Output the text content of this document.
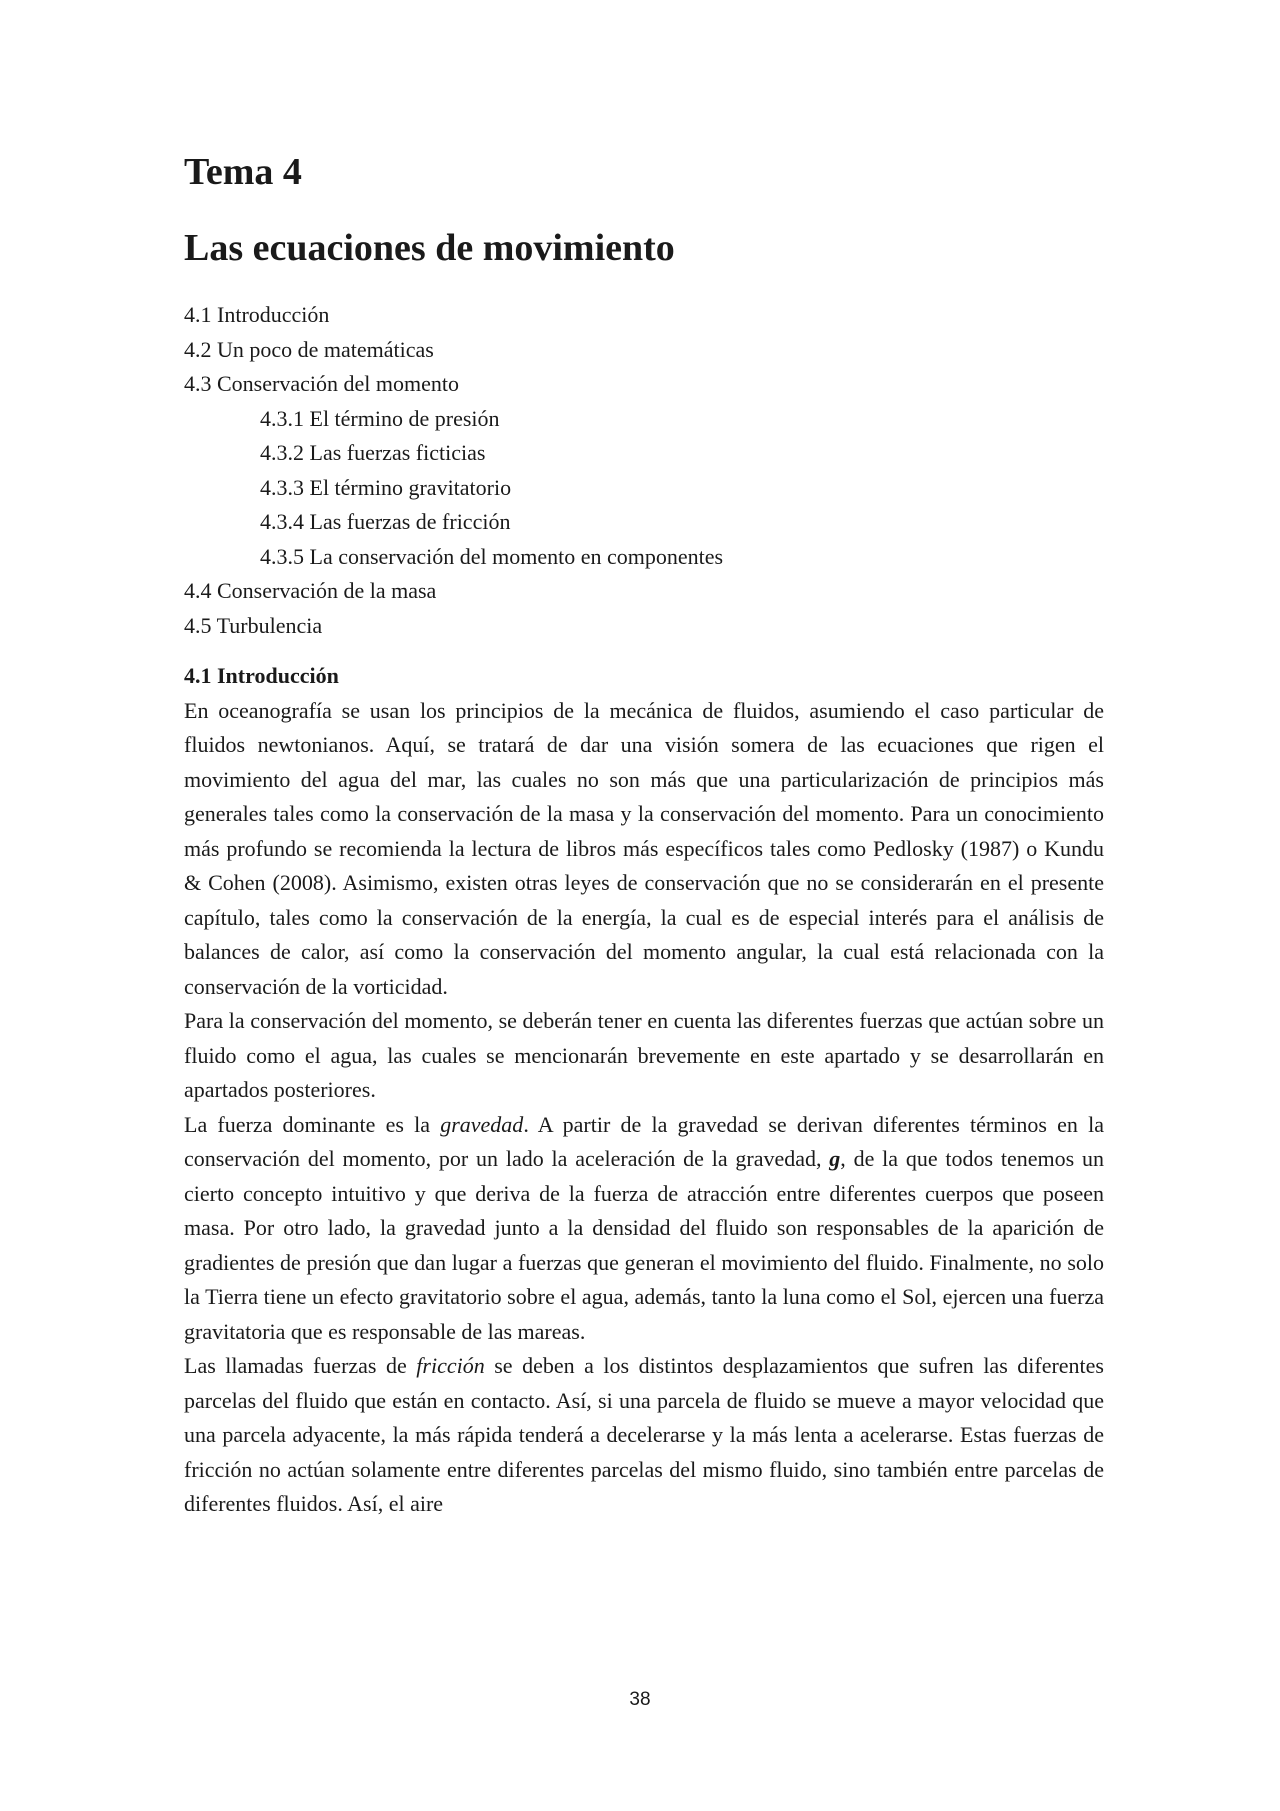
Tema 4
Las ecuaciones de movimiento
4.1 Introducción
4.2 Un poco de matemáticas
4.3 Conservación del momento
4.3.1 El término de presión
4.3.2 Las fuerzas ficticias
4.3.3 El término gravitatorio
4.3.4 Las fuerzas de fricción
4.3.5 La conservación del momento en componentes
4.4 Conservación de la masa
4.5 Turbulencia
4.1 Introducción

En oceanografía se usan los principios de la mecánica de fluidos, asumiendo el caso particular de fluidos newtonianos. Aquí, se tratará de dar una visión somera de las ecuaciones que rigen el movimiento del agua del mar, las cuales no son más que una particularización de principios más generales tales como la conservación de la masa y la conservación del momento. Para un conocimiento más profundo se recomienda la lectura de libros más específicos tales como Pedlosky (1987) o Kundu & Cohen (2008). Asimismo, existen otras leyes de conservación que no se considerarán en el presente capítulo, tales como la conservación de la energía, la cual es de especial interés para el análisis de balances de calor, así como la conservación del momento angular, la cual está relacionada con la conservación de la vorticidad.

Para la conservación del momento, se deberán tener en cuenta las diferentes fuerzas que actúan sobre un fluido como el agua, las cuales se mencionarán brevemente en este apartado y se desarrollarán en apartados posteriores.

La fuerza dominante es la gravedad. A partir de la gravedad se derivan diferentes términos en la conservación del momento, por un lado la aceleración de la gravedad, g, de la que todos tenemos un cierto concepto intuitivo y que deriva de la fuerza de atracción entre diferentes cuerpos que poseen masa. Por otro lado, la gravedad junto a la densidad del fluido son responsables de la aparición de gradientes de presión que dan lugar a fuerzas que generan el movimiento del fluido. Finalmente, no solo la Tierra tiene un efecto gravitatorio sobre el agua, además, tanto la luna como el Sol, ejercen una fuerza gravitatoria que es responsable de las mareas.

Las llamadas fuerzas de fricción se deben a los distintos desplazamientos que sufren las diferentes parcelas del fluido que están en contacto. Así, si una parcela de fluido se mueve a mayor velocidad que una parcela adyacente, la más rápida tenderá a decelerarse y la más lenta a acelerarse. Estas fuerzas de fricción no actúan solamente entre diferentes parcelas del mismo fluido, sino también entre parcelas de diferentes fluidos. Así, el aire

38
